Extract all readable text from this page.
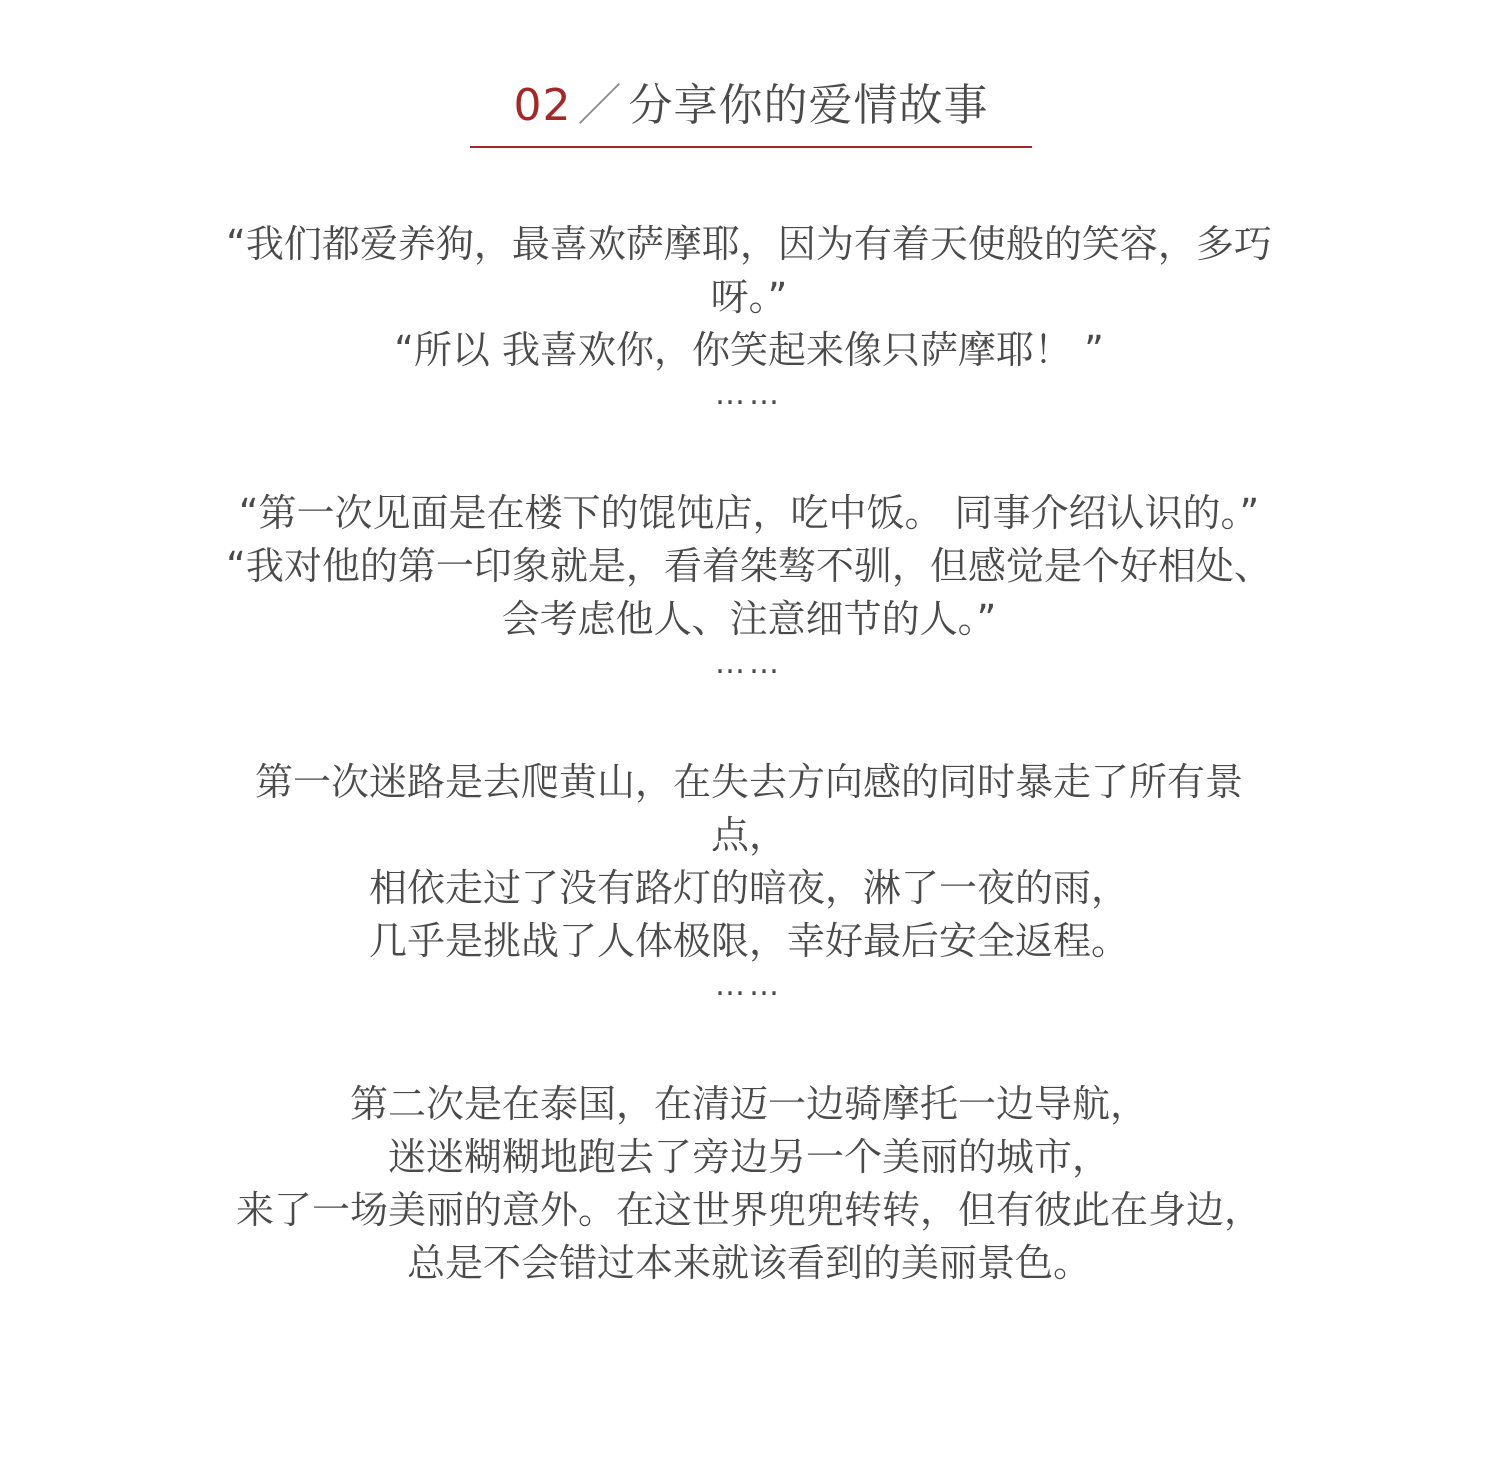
02 ／ 分享你的爱情故事

“我们都爱养狗，最喜欢萨摩耶，因为有着天使般的笑容，多巧呀。”

“所以 我喜欢你，你笑起来像只萨摩耶！ ”

……

“第一次见面是在楼下的馄饨店，吃中饭。 同事介绍认识的。”

“我对他的第一印象就是，看着桀骜不驯，但感觉是个好相处、

会考虑他人、注意细节的人。”

……

第一次迷路是去爬黄山，在失去方向感的同时暴走了所有景点，

相依走过了没有路灯的暗夜，淋了一夜的雨，

几乎是挑战了人体极限，幸好最后安全返程。

……

第二次是在泰国，在清迈一边骑摩托一边导航，

迷迷糊糊地跑去了旁边另一个美丽的城市，

来了一场美丽的意外。在这世界兜兜转转，但有彼此在身边，

总是不会错过本来就该看到的美丽景色。
